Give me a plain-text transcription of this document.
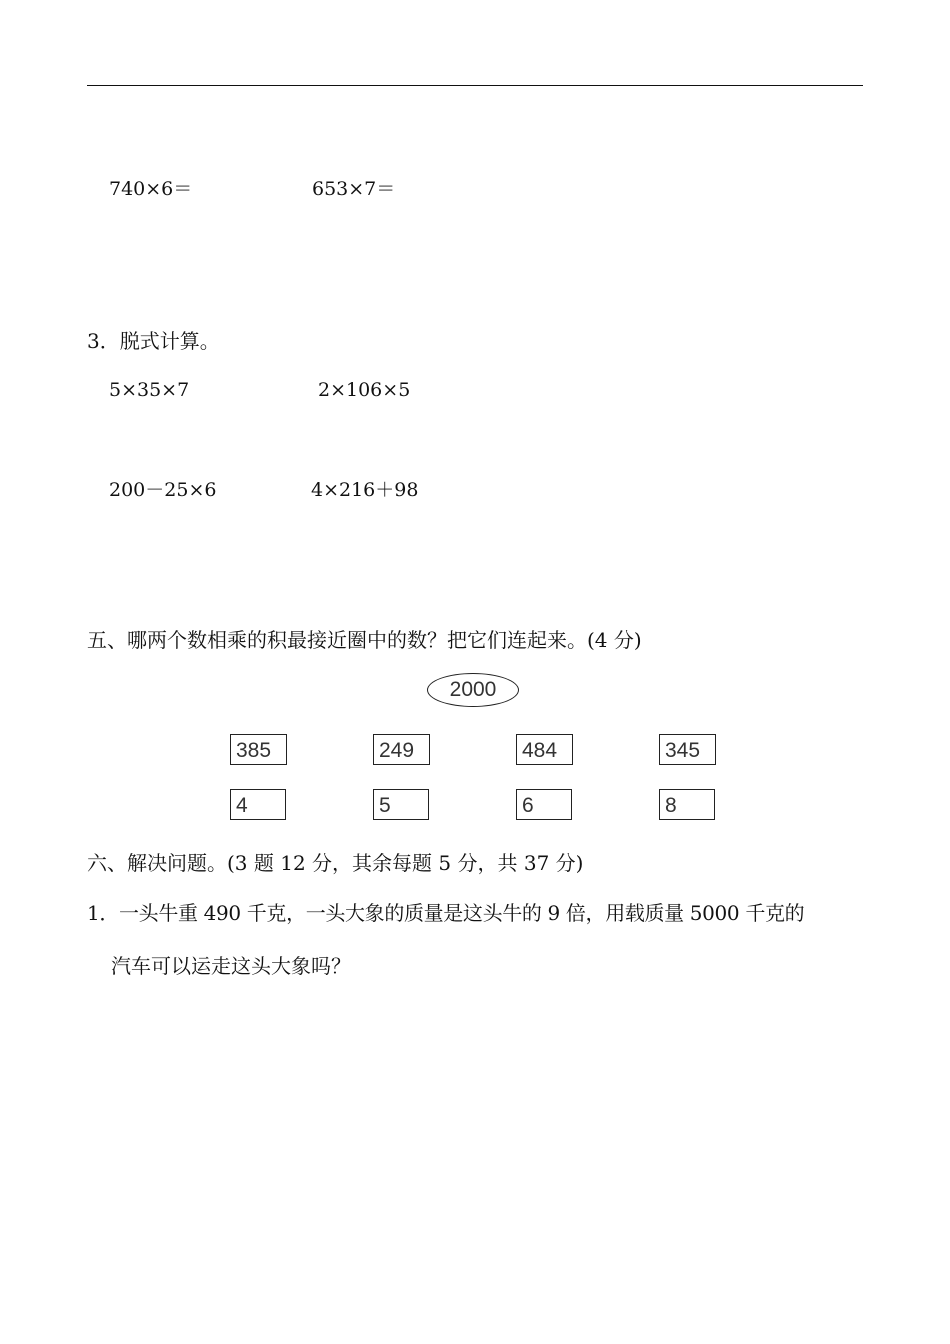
740×6＝	653×7＝
3．脱式计算。
5×35×7	2×106×5
200－25×6	4×216＋98
五、哪两个数相乘的积最接近圈中的数？把它们连起来。(4 分)
2000
385	249	484	345
4	5	6	8
六、解决问题。(3 题 12 分，其余每题 5 分，共 37 分)
1．一头牛重 490 千克，一头大象的质量是这头牛的 9 倍，用载质量 5000 千克的
汽车可以运走这头大象吗？
